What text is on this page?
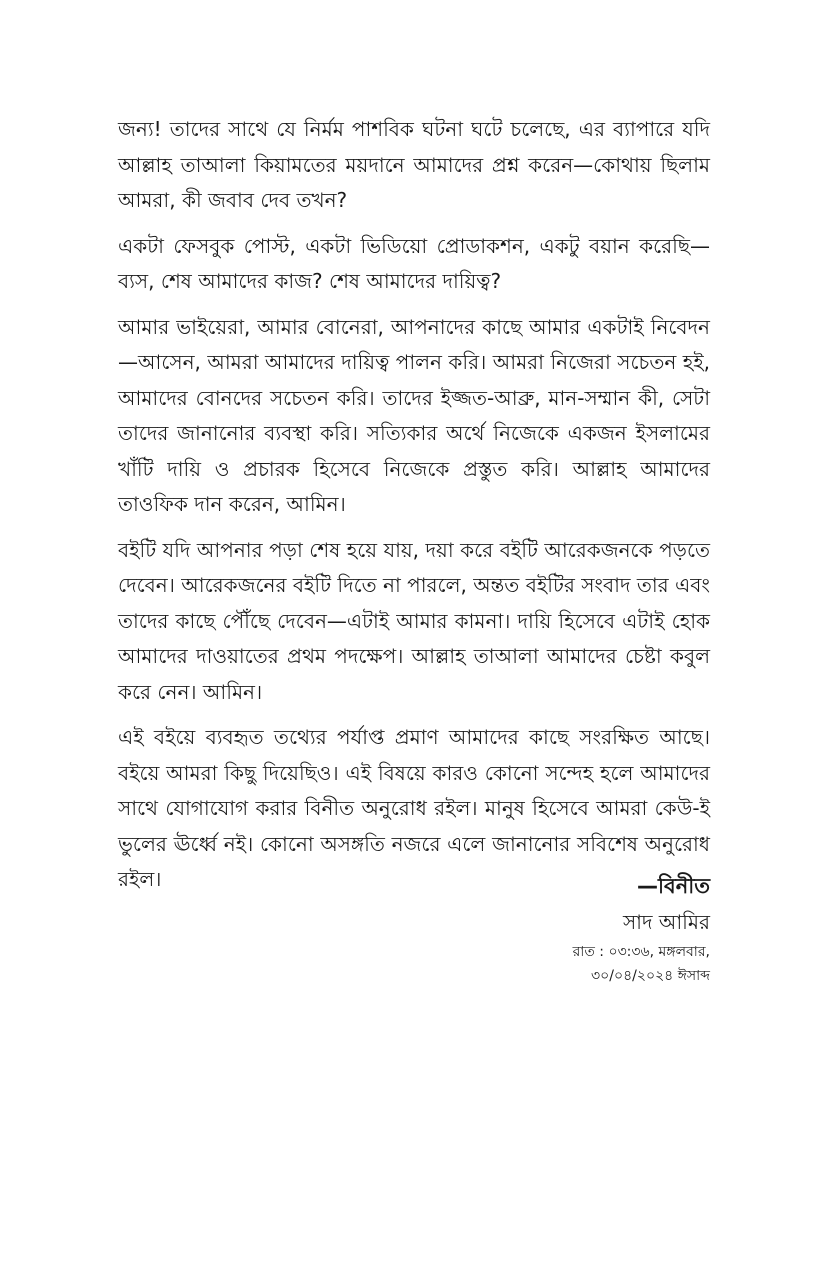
জন্য! তাদের সাথে যে নির্মম পাশবিক ঘটনা ঘটে চলেছে, এর ব্যাপারে যদি আল্লাহ তাআলা কিয়ামতের ময়দানে আমাদের প্রশ্ন করেন—কোথায় ছিলাম আমরা, কী জবাব দেব তখন?

একটা ফেসবুক পোস্ট, একটা ভিডিয়ো প্রোডাকশন, একটু বয়ান করেছি—ব্যস, শেষ আমাদের কাজ? শেষ আমাদের দায়িত্ব?

আমার ভাইয়েরা, আমার বোনেরা, আপনাদের কাছে আমার একটাই নিবেদন—আসেন, আমরা আমাদের দায়িত্ব পালন করি। আমরা নিজেরা সচেতন হই, আমাদের বোনদের সচেতন করি। তাদের ইজ্জত-আব্রু, মান-সম্মান কী, সেটা তাদের জানানোর ব্যবস্থা করি। সত্যিকার অর্থে নিজেকে একজন ইসলামের খাঁটি দায়ি ও প্রচারক হিসেবে নিজেকে প্রস্তুত করি। আল্লাহ আমাদের তাওফিক দান করেন, আমিন।

বইটি যদি আপনার পড়া শেষ হয়ে যায়, দয়া করে বইটি আরেকজনকে পড়তে দেবেন। আরেকজনের বইটি দিতে না পারলে, অন্তত বইটির সংবাদ তার এবং তাদের কাছে পৌঁছে দেবেন—এটাই আমার কামনা। দায়ি হিসেবে এটাই হোক আমাদের দাওয়াতের প্রথম পদক্ষেপ। আল্লাহ তাআলা আমাদের চেষ্টা কবুল করে নেন। আমিন।

এই বইয়ে ব্যবহৃত তথ্যের পর্যাপ্ত প্রমাণ আমাদের কাছে সংরক্ষিত আছে। বইয়ে আমরা কিছু দিয়েছিও। এই বিষয়ে কারও কোনো সন্দেহ হলে আমাদের সাথে যোগাযোগ করার বিনীত অনুরোধ রইল। মানুষ হিসেবে আমরা কেউ-ই ভুলের ঊর্ধ্বে নই। কোনো অসঙ্গতি নজরে এলে জানানোর সবিশেষ অনুরোধ রইল।	—বিনীত
সাদ আমির
রাত : ০৩:৩৬, মঙ্গলবার,
৩০/০৪/২০২৪ ঈসাব্দ
